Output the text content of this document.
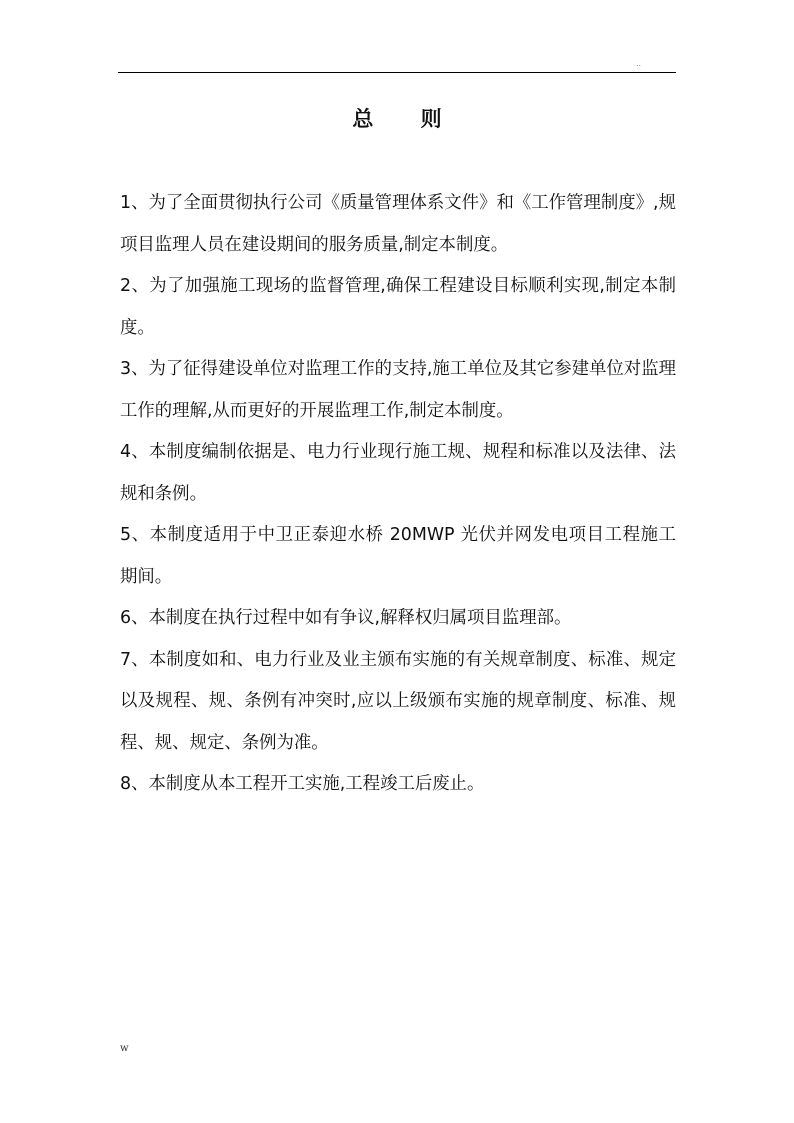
..
总 则
1、为了全面贯彻执行公司《质量管理体系文件》和《工作管理制度》,规项目监理人员在建设期间的服务质量,制定本制度。
2、为了加强施工现场的监督管理,确保工程建设目标顺利实现,制定本制度。
3、为了征得建设单位对监理工作的支持,施工单位及其它参建单位对监理工作的理解,从而更好的开展监理工作,制定本制度。
4、本制度编制依据是、电力行业现行施工规、规程和标准以及法律、法规和条例。
5、本制度适用于中卫正泰迎水桥 20MWP 光伏并网发电项目工程施工期间。
6、本制度在执行过程中如有争议,解释权归属项目监理部。
7、本制度如和、电力行业及业主颁布实施的有关规章制度、标准、规定以及规程、规、条例有冲突时,应以上级颁布实施的规章制度、标准、规程、规、规定、条例为准。
8、本制度从本工程开工实施,工程竣工后废止。
w
